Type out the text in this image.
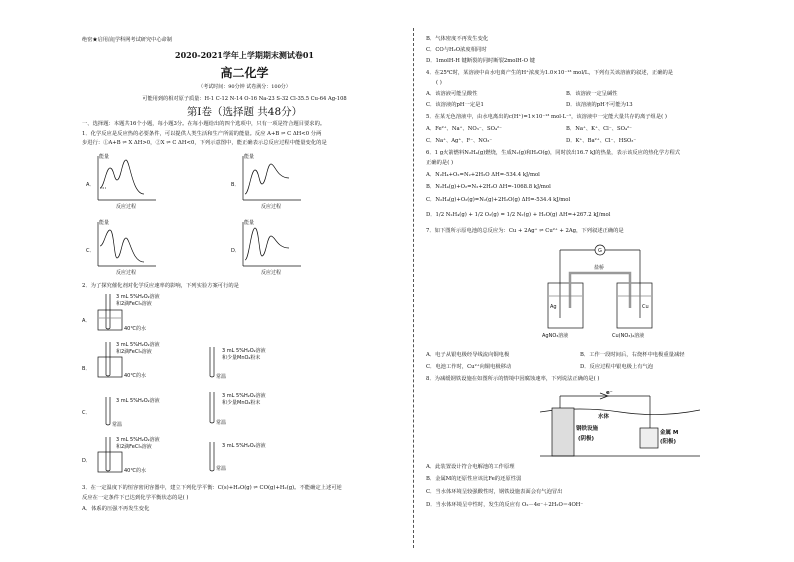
绝密★启用前|学科网考试研究中心命制
2020-2021学年上学期期末测试卷01
高二化学
（考试时间：90分钟 试卷满分：100分）
可能用到的相对原子质量：H-1 C-12 N-14 O-16 Na-23 S-32 Cl-35.5 Cu-64 Ag-108
第Ⅰ卷（选择题 共48分）
一、选择题：本题共16个小题，每小题3分。在每小题给出的四个选项中，只有一项是符合题目要求的。
1．化学反应是反应热的必要条件，可以提供人类生活和生产所需的能量。反应 A+B ⇌ C ΔH<0 分两
步进行：①A+B ⇌ X ΔH>0，②X ⇌ C ΔH<0，下列示意图中，能正确表示总反应过程中能量变化的是
A．	B．
C．	D．
反应过程	反应过程
反应过程	反应过程
能量	能量
能量	能量
2．为了探究催化剂对化学反应速率的影响，下列实验方案可行的是
A．
B．
C．
D．
3 mL 5%H₂O₂溶液
和2滴FeCl₃溶液
40℃的水
3 mL 5%H₂O₂溶液
和2滴FeCl₃溶液
40℃的水
3 mL 5%H₂O₂溶液
和少量MnO₂粉末
常温
3 mL 5%H₂O₂溶液
常温
3 mL 5%H₂O₂溶液
和少量MnO₂粉末
常温
3 mL 5%H₂O₂溶液
和2滴FeCl₃溶液
40℃的水
3 mL 5%H₂O₂溶液
常温
3．在一定温度下的恒容密闭容器中，建立下列化学平衡：C(s)+H₂O(g) ⇌ CO(g)+H₂(g)。不能确定上述可逆
反应在一定条件下已达到化学平衡状态的是( )
A．体系的压强不再发生变化
B．气体密度不再发生变化
C．CO与H₂O浓度相同时
D．1molH-H 键断裂的同时断裂2molH-O 键
4．在25℃时，某溶液中由水电离产生的H⁺浓度为1.0×10⁻¹³ mol/L，下列有关该溶液的叙述，正确的是
( )
A．该溶液可能呈酸性	B．该溶液一定呈碱性
C．该溶液的pH一定是1	D．该溶液的pH不可能为13
5．在某无色溶液中，由水电离出的c(H⁺)=1×10⁻¹³ mol·L⁻¹，该溶液中一定能大量共存的离子组是( )
A．Fe²⁺、Na⁺、NO₃⁻、SO₄²⁻	B．Na⁺、K⁺、Cl⁻、SO₄²⁻
C．Na⁺、Ag⁺、F⁻、NO₃⁻	D．K⁺、Ba²⁺、Cl⁻、HSO₃⁻
6．1 g火箭燃料N₂H₄(g)燃烧，生成N₂(g)和H₂O(g)，同时放出16.7 kJ的热量，表示该反应的热化学方程式
正确的是( )
A．N₂H₄+O₂=N₂+2H₂O ΔH=-534.4 kJ/mol
B．N₂H₄(g)+O₂=N₂+2H₂O ΔH=-1068.8 kJ/mol
C．N₂H₄(g)+O₂(g)=N₂(g)+2H₂O(g) ΔH=-534.4 kJ/mol
D．1/2 N₂H₄(g) + 1/2 O₂(g) = 1/2 N₂(g) + H₂O(g) ΔH=+267.2 kJ/mol
7．如下图所示原电池的总反应为：Cu + 2Ag⁺ ⇌ Cu²⁺ + 2Ag，下列叙述正确的是
G
盐桥
Ag	Cu
AgNO₃溶液	Cu(NO₃)₂溶液
A．电子从银电极经导线流向铜电极	B．工作一段时间后，右烧杯中电极重量减轻
C．电池工作时，Cu²⁺向铜电极移动	D．反应过程中银电极上有气泡
8．为减缓钢铁设施在如图所示的情境中因腐蚀速率，下列说法正确的是( )
e⁻
水体
钢铁设施
(阴极)
金属 M
(阳极)
A．此装置设计符合电解池的工作原理
B．金属M的还原性应该比Fe的还原性弱
C．当水体环境呈较强酸性时，钢铁设施表面会有气泡冒出
D．当水体环境呈中性时，发生的反应有 O₂－4e⁻＋2H₂O＝4OH⁻
